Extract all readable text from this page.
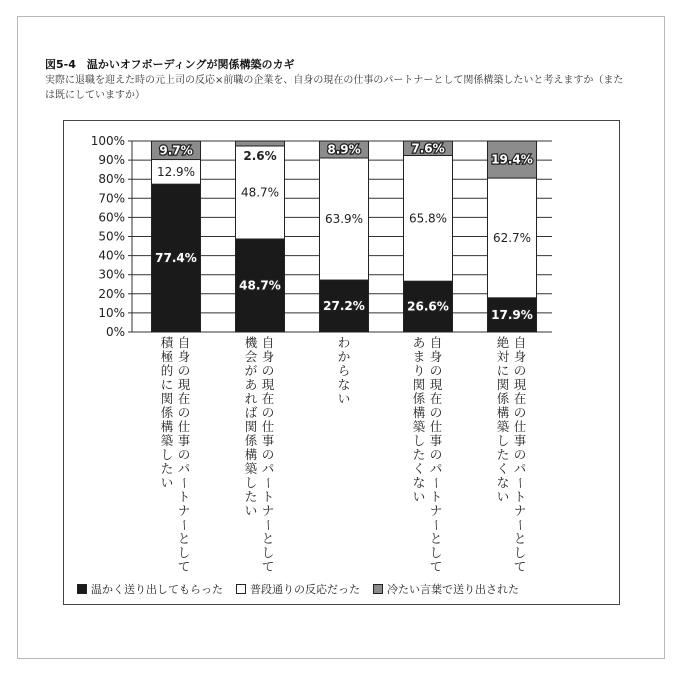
図5-4　温かいオフボーディングが関係構築のカギ
実際に退職を迎えた時の元上司の反応×前職の企業を、自身の現在の仕事のパートナーとして関係構築したいと考えますか（または既にしていますか）
0%
10%
20%
30%
40%
50%
60%
70%
80%
90%
100%
77.4%
12.9%
9.7%
自
身
の
現
在
の
仕
事
の
パ
ー
ト
ナ
ー
と
し
て
積
極
的
に
関
係
構
築
し
た
い
48.7%
48.7%
2.6%
自
身
の
現
在
の
仕
事
の
パ
ー
ト
ナ
ー
と
し
て
機
会
が
あ
れ
ば
関
係
構
築
し
た
い
27.2%
63.9%
8.9%
わ
か
ら
な
い
26.6%
65.8%
7.6%
自
身
の
現
在
の
仕
事
の
パ
ー
ト
ナ
ー
と
し
て
あ
ま
り
関
係
構
築
し
た
く
な
い
17.9%
62.7%
19.4%
自
身
の
現
在
の
仕
事
の
パ
ー
ト
ナ
ー
と
し
て
絶
対
に
関
係
構
築
し
た
く
な
い
温かく送り出してもらった 普段通りの反応だった 冷たい言葉で送り出された
